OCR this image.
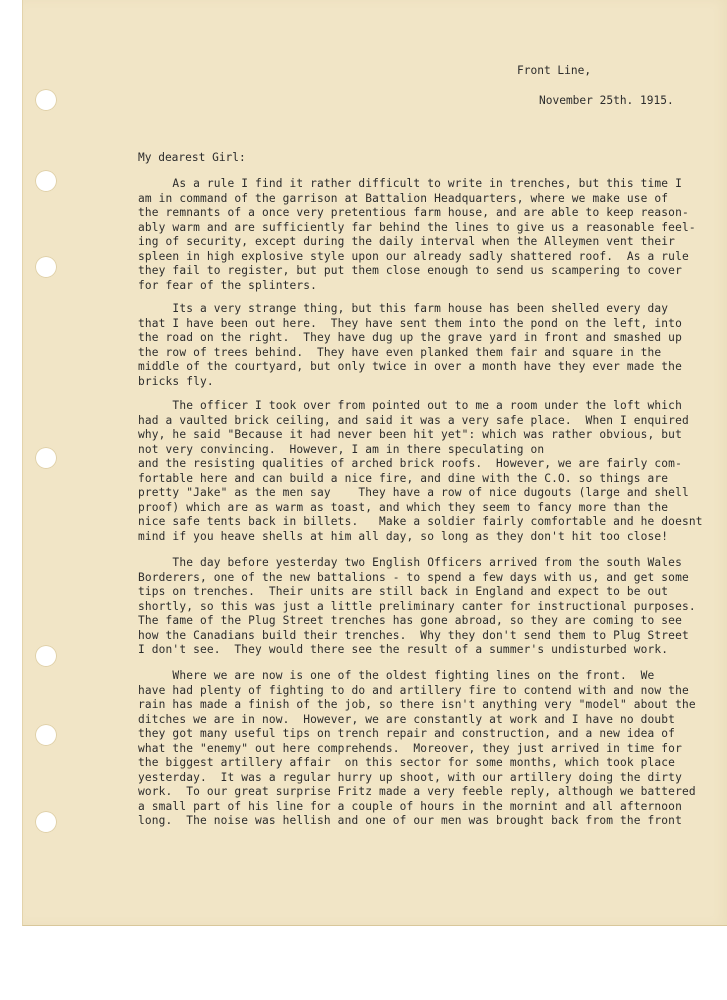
Front Line,
November 25th. 1915.
My dearest Girl:
As a rule I find it rather difficult to write in trenches, but this time I
am in command of the garrison at Battalion Headquarters, where we make use of
the remnants of a once very pretentious farm house, and are able to keep reason-
ably warm and are sufficiently far behind the lines to give us a reasonable feel-
ing of security, except during the daily interval when the Alleymen vent their
spleen in high explosive style upon our already sadly shattered roof.  As a rule
they fail to register, but put them close enough to send us scampering to cover
for fear of the splinters.
Its a very strange thing, but this farm house has been shelled every day
that I have been out here.  They have sent them into the pond on the left, into
the road on the right.  They have dug up the grave yard in front and smashed up
the row of trees behind.  They have even planked them fair and square in the
middle of the courtyard, but only twice in over a month have they ever made the
bricks fly.
The officer I took over from pointed out to me a room under the loft which
had a vaulted brick ceiling, and said it was a very safe place.  When I enquired
why, he said "Because it had never been hit yet": which was rather obvious, but
not very convincing.  However, I am in there speculating on
and the resisting qualities of arched brick roofs.  However, we are fairly com-
fortable here and can build a nice fire, and dine with the C.O. so things are
pretty "Jake" as the men say    They have a row of nice dugouts (large and shell
proof) which are as warm as toast, and which they seem to fancy more than the
nice safe tents back in billets.   Make a soldier fairly comfortable and he doesnt
mind if you heave shells at him all day, so long as they don't hit too close!
The day before yesterday two English Officers arrived from the south Wales
Borderers, one of the new battalions - to spend a few days with us, and get some
tips on trenches.  Their units are still back in England and expect to be out
shortly, so this was just a little preliminary canter for instructional purposes.
The fame of the Plug Street trenches has gone abroad, so they are coming to see
how the Canadians build their trenches.  Why they don't send them to Plug Street
I don't see.  They would there see the result of a summer's undisturbed work.
Where we are now is one of the oldest fighting lines on the front.  We
have had plenty of fighting to do and artillery fire to contend with and now the
rain has made a finish of the job, so there isn't anything very "model" about the
ditches we are in now.  However, we are constantly at work and I have no doubt
they got many useful tips on trench repair and construction, and a new idea of
what the "enemy" out here comprehends.  Moreover, they just arrived in time for
the biggest artillery affair  on this sector for some months, which took place
yesterday.  It was a regular hurry up shoot, with our artillery doing the dirty
work.  To our great surprise Fritz made a very feeble reply, although we battered
a small part of his line for a couple of hours in the mornint and all afternoon
long.  The noise was hellish and one of our men was brought back from the front
